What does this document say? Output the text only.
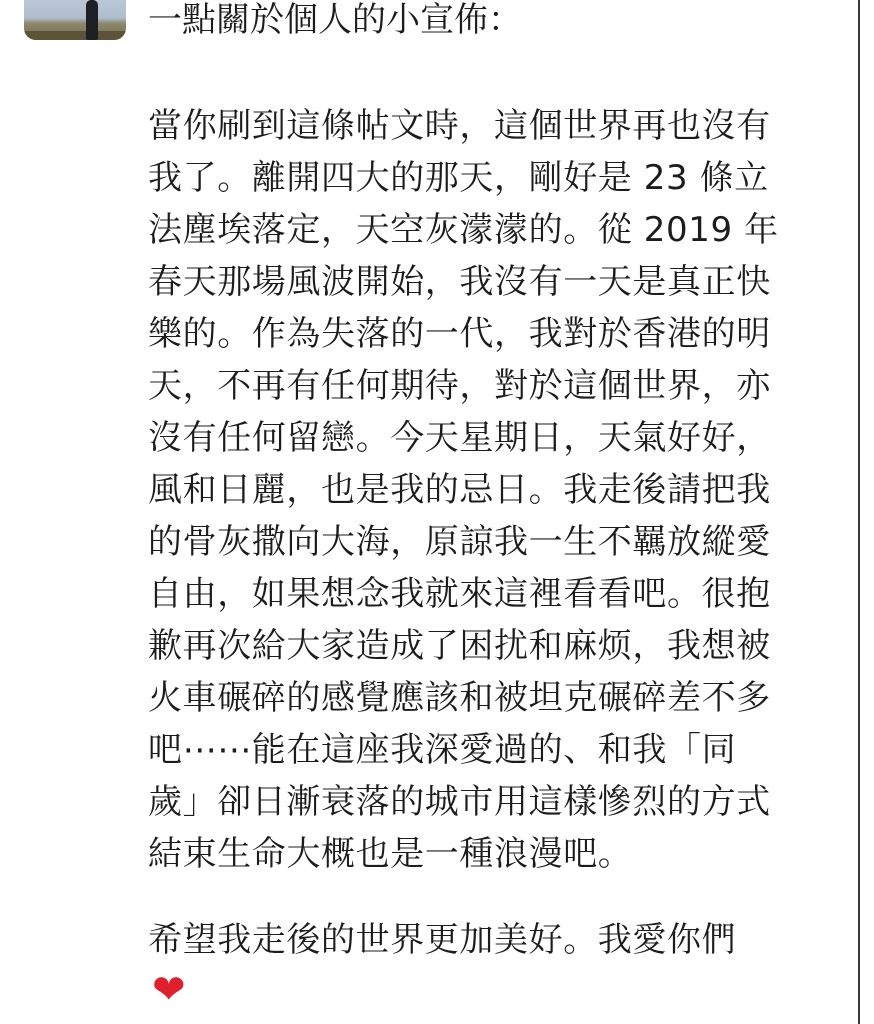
一點關於個人的小宣佈：
當你刷到這條帖文時，這個世界再也沒有
我了。離開四大的那天，剛好是 23 條立
法塵埃落定，天空灰濛濛的。從 2019 年
春天那場風波開始，我沒有一天是真正快
樂的。作為失落的一代，我對於香港的明
天，不再有任何期待，對於這個世界，亦
沒有任何留戀。今天星期日，天氣好好，
風和日麗，也是我的忌日。我走後請把我
的骨灰撒向大海，原諒我一生不羈放縱愛
自由，如果想念我就來這裡看看吧。很抱
歉再次給大家造成了困扰和麻烦，我想被
火車碾碎的感覺應該和被坦克碾碎差不多
吧⋯⋯能在這座我深愛過的、和我「同
歲」卻日漸衰落的城市用這樣慘烈的方式
結束生命大概也是一種浪漫吧。
希望我走後的世界更加美好。我愛你們
❤
